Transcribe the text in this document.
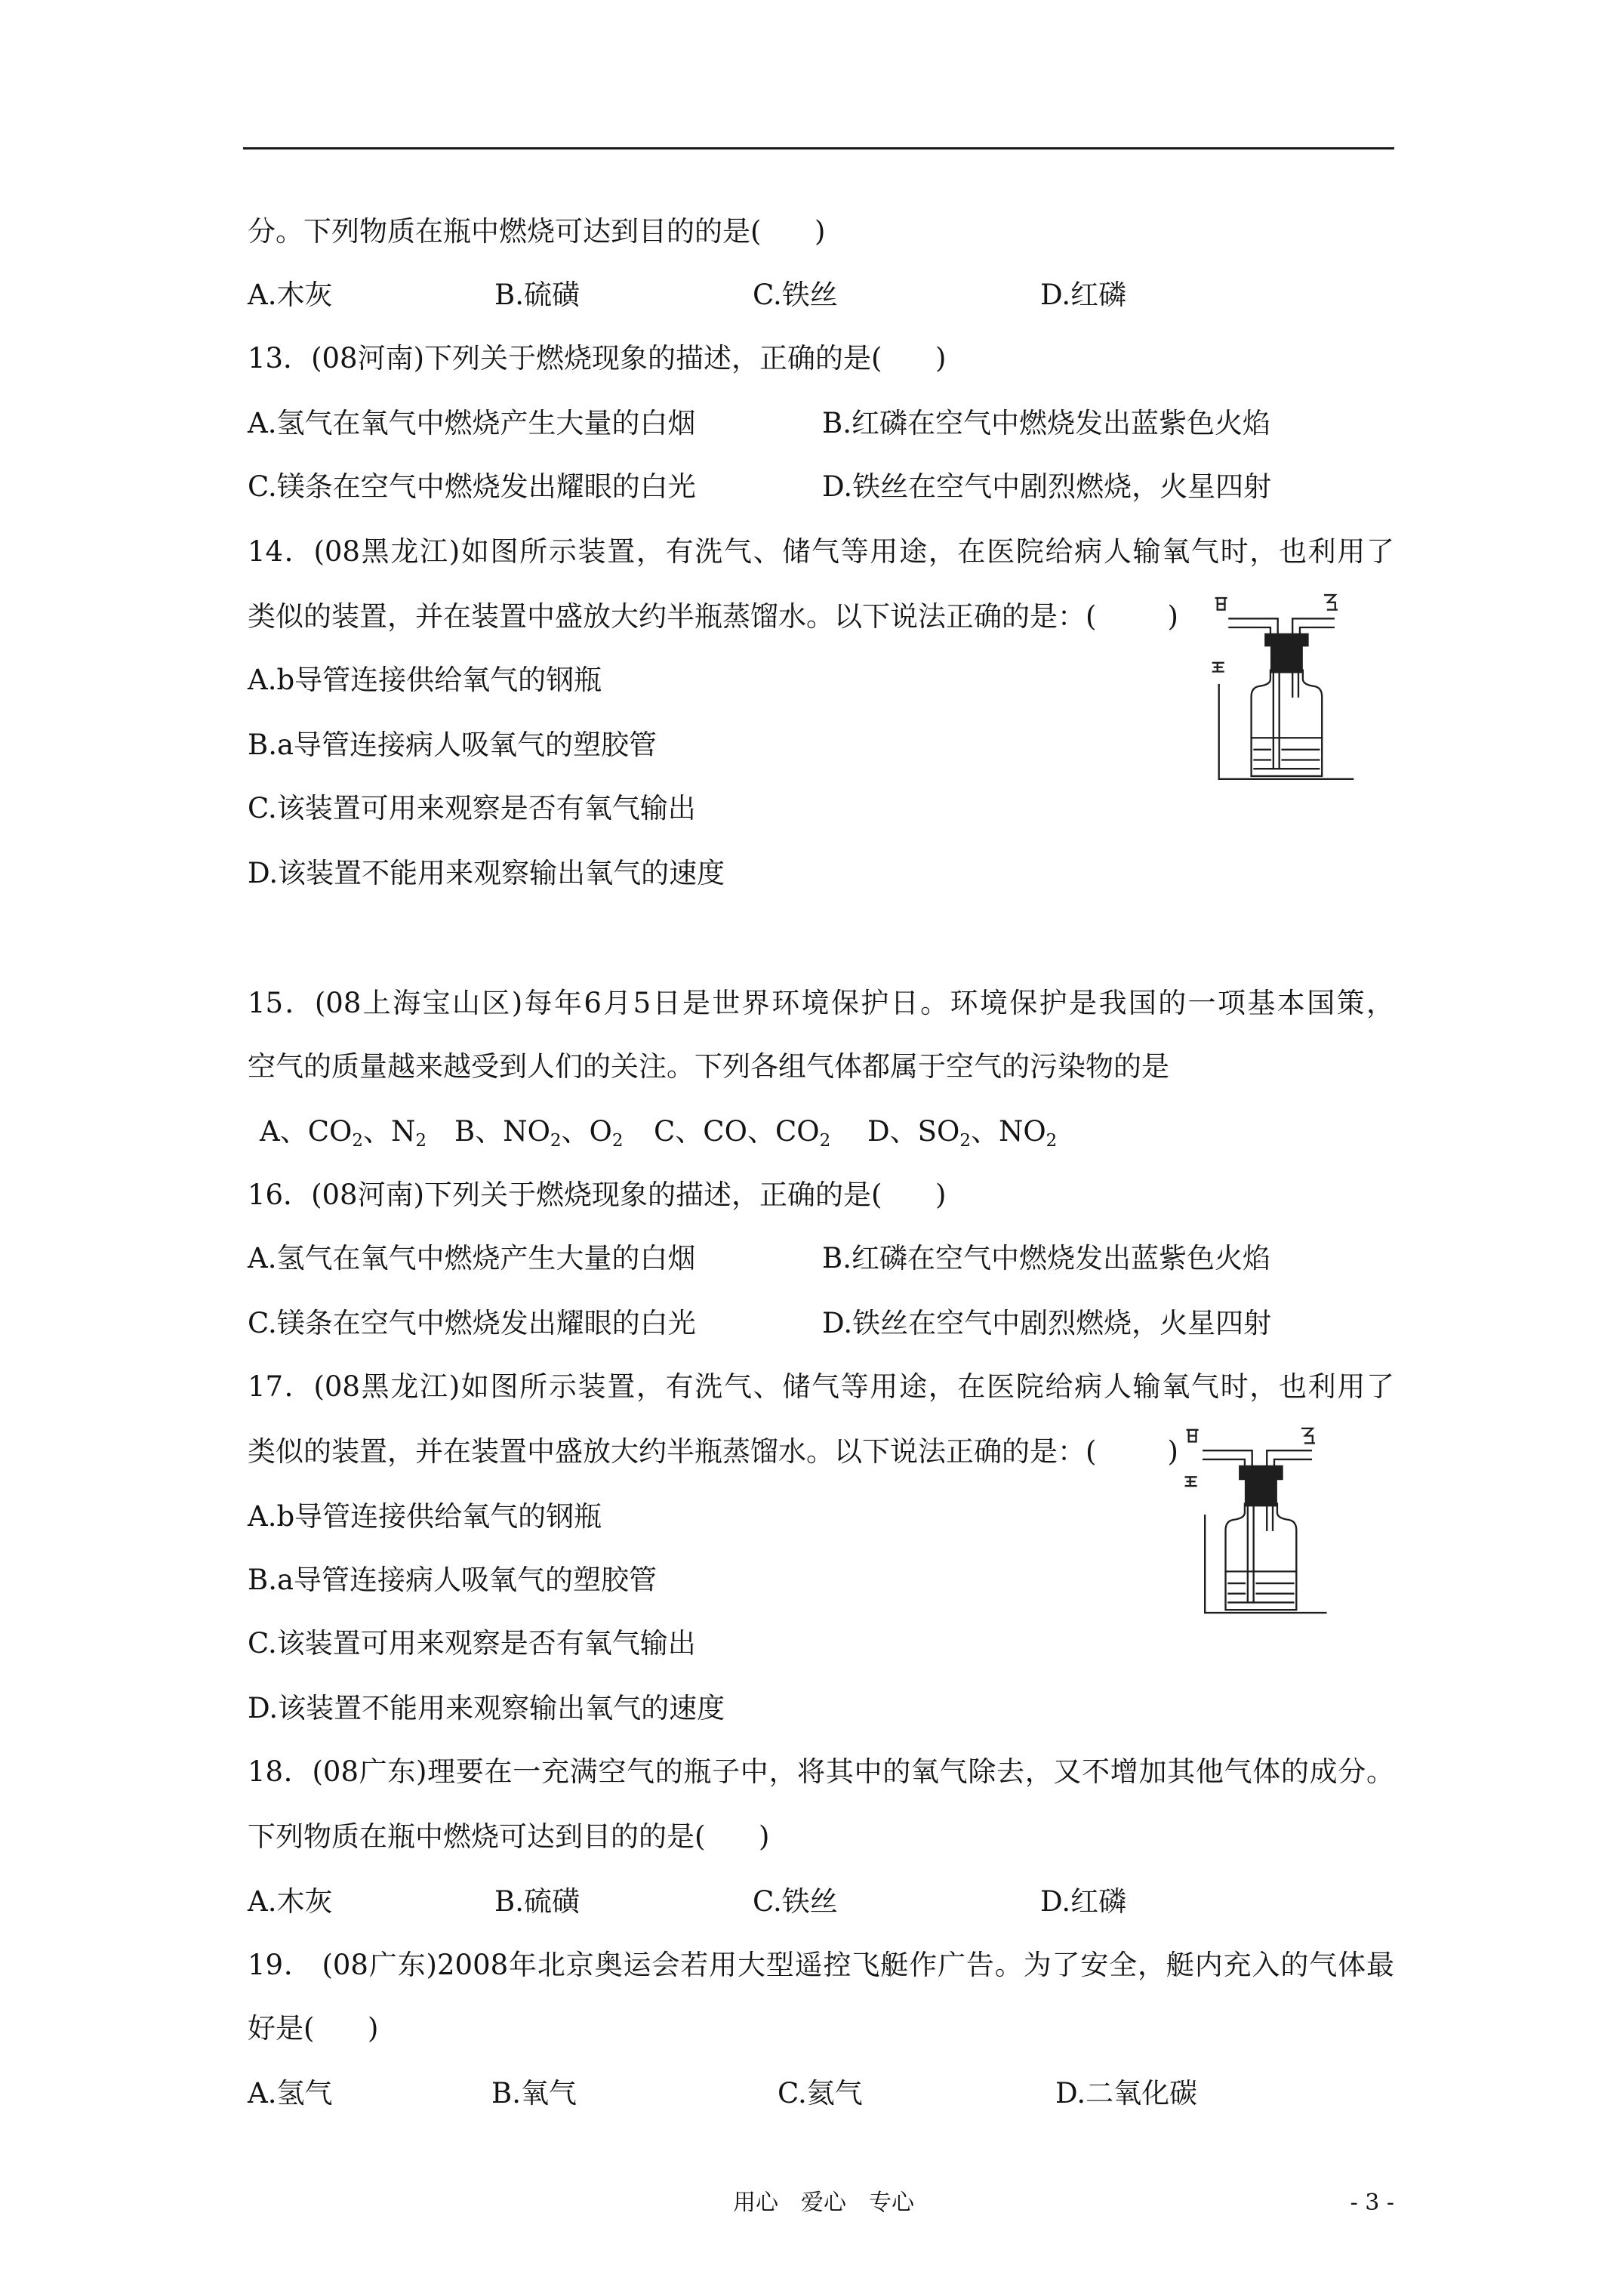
分。下列物质在瓶中燃烧可达到目的的是(      )
A.木灰	B.硫磺	C.铁丝	D.红磷
13．(08河南)下列关于燃烧现象的描述，正确的是(      )
A.氢气在氧气中燃烧产生大量的白烟	B.红磷在空气中燃烧发出蓝紫色火焰
C.镁条在空气中燃烧发出耀眼的白光	D.铁丝在空气中剧烈燃烧，火星四射
14．(08黑龙江)如图所示装置，有洗气、储气等用途，在医院给病人输氧气时，也利用了
类似的装置，并在装置中盛放大约半瓶蒸馏水。以下说法正确的是：(        )
A.b导管连接供给氧气的钢瓶
B.a导管连接病人吸氧气的塑胶管
C.该装置可用来观察是否有氧气输出
D.该装置不能用来观察输出氧气的速度
15．(08上海宝山区)每年6月5日是世界环境保护日。环境保护是我国的一项基本国策，
空气的质量越来越受到人们的关注。下列各组气体都属于空气的污染物的是
A、$CO_2$、$N_2$ B、$NO_2$、$O_2$ C、CO、$CO_2$ D、$SO_2$、$NO_2$
16．(08河南)下列关于燃烧现象的描述，正确的是(      )
A.氢气在氧气中燃烧产生大量的白烟	B.红磷在空气中燃烧发出蓝紫色火焰
C.镁条在空气中燃烧发出耀眼的白光	D.铁丝在空气中剧烈燃烧，火星四射
17．(08黑龙江)如图所示装置，有洗气、储气等用途，在医院给病人输氧气时，也利用了
类似的装置，并在装置中盛放大约半瓶蒸馏水。以下说法正确的是：(        )
A.b导管连接供给氧气的钢瓶
B.a导管连接病人吸氧气的塑胶管
C.该装置可用来观察是否有氧气输出
D.该装置不能用来观察输出氧气的速度
18．(08广东)理要在一充满空气的瓶子中，将其中的氧气除去，又不增加其他气体的成分。
下列物质在瓶中燃烧可达到目的的是(      )
A.木灰	B.硫磺	C.铁丝	D.红磷
19． (08广东)2008年北京奥运会若用大型遥控飞艇作广告。为了安全，艇内充入的气体最
好是(      )
A.氢气	B.氧气	C.氦气	D.二氧化碳
用心　爱心　专心	- 3 -
